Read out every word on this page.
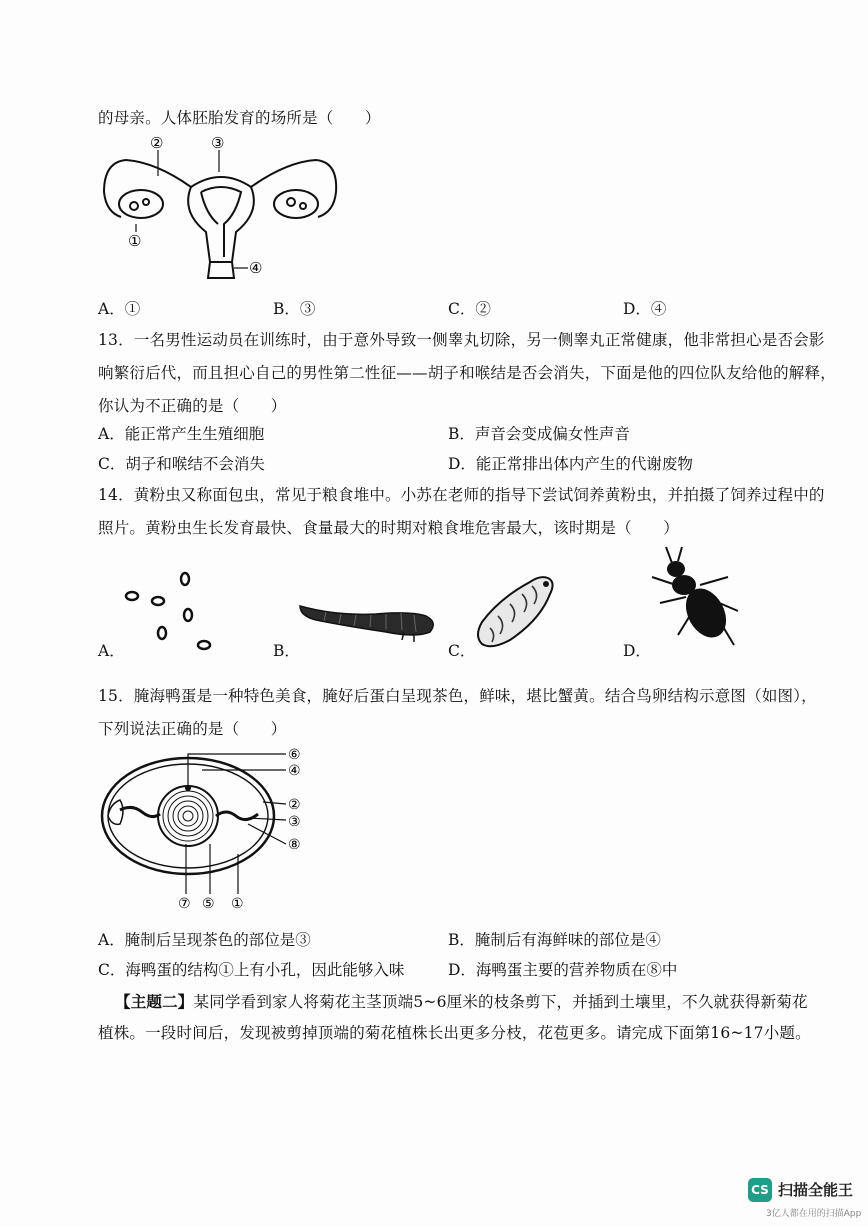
的母亲。人体胚胎发育的场所是（　　）
②	③
①
④
A．①	B．③	C．②	D．④
13．一名男性运动员在训练时，由于意外导致一侧睾丸切除，另一侧睾丸正常健康，他非常担心是否会影
响繁衍后代，而且担心自己的男性第二性征——胡子和喉结是否会消失，下面是他的四位队友给他的解释，
你认为不正确的是（　　）
A．能正常产生生殖细胞	B．声音会变成偏女性声音
C．胡子和喉结不会消失	D．能正常排出体内产生的代谢废物
14．黄粉虫又称面包虫，常见于粮食堆中。小苏在老师的指导下尝试饲养黄粉虫，并拍摄了饲养过程中的
照片。黄粉虫生长发育最快、食量最大的时期对粮食堆危害最大，该时期是（　　）
A．	B．	C．	D．
15．腌海鸭蛋是一种特色美食，腌好后蛋白呈现茶色，鲜味，堪比蟹黄。结合鸟卵结构示意图（如图），
下列说法正确的是（　　）
⑥
④
②
③
⑧
⑦ ⑤ ①
A．腌制后呈现茶色的部位是③	B．腌制后有海鲜味的部位是④
C．海鸭蛋的结构①上有小孔，因此能够入味	D．海鸭蛋主要的营养物质在⑧中
【主题二】某同学看到家人将菊花主茎顶端5~6厘米的枝条剪下，并插到土壤里，不久就获得新菊花
植株。一段时间后，发现被剪掉顶端的菊花植株长出更多分枝，花苞更多。请完成下面第16~17小题。
CS 扫描全能王
3亿人都在用的扫描App
